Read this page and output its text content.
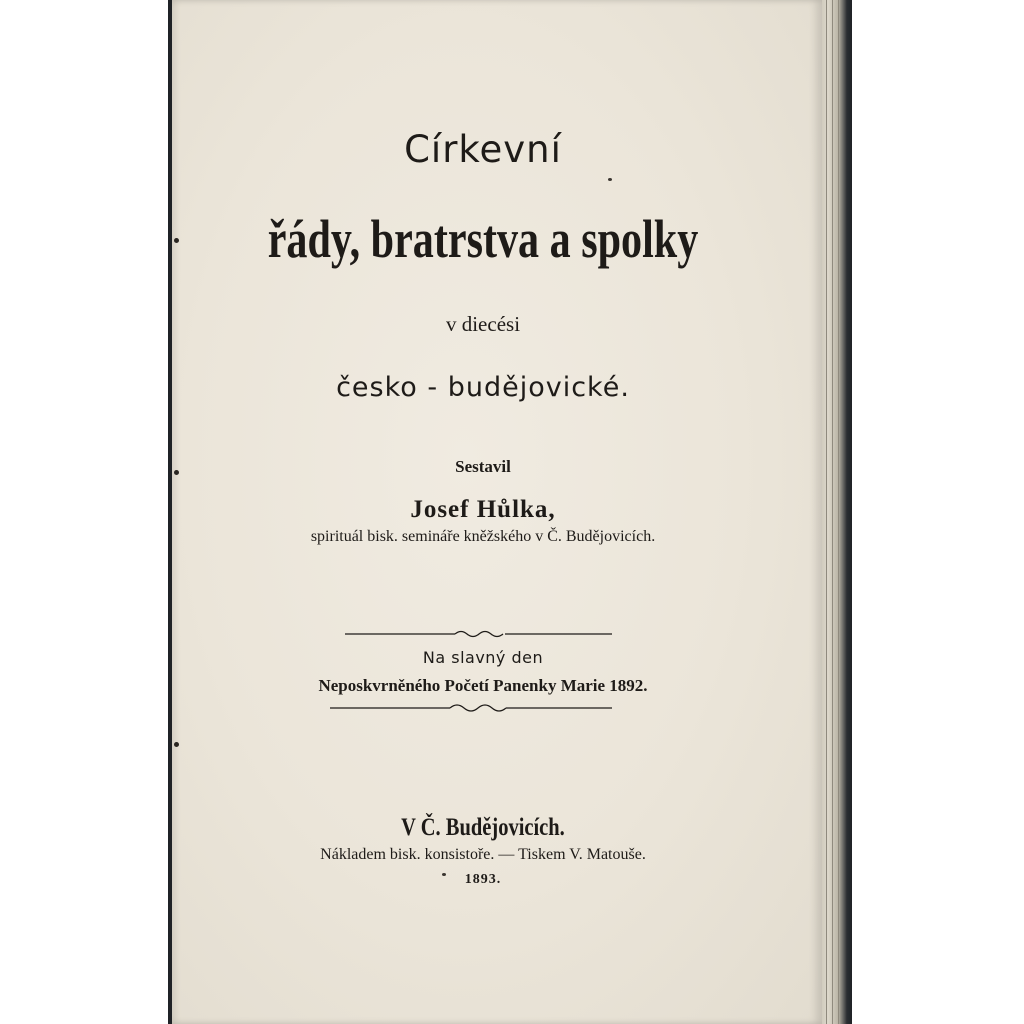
Církevní
řády, bratrstva a spolky
v diecési
česko - budějovické.
Sestavil
Josef Hůlka,
spirituál bisk. semináře kněžského v Č. Budějovicích.
Na slavný den
Neposkvrněného Početí Panenky Marie 1892.
V Č. Budějovicích.
Nákladem bisk. konsistoře. — Tiskem V. Matouše.
1893.
